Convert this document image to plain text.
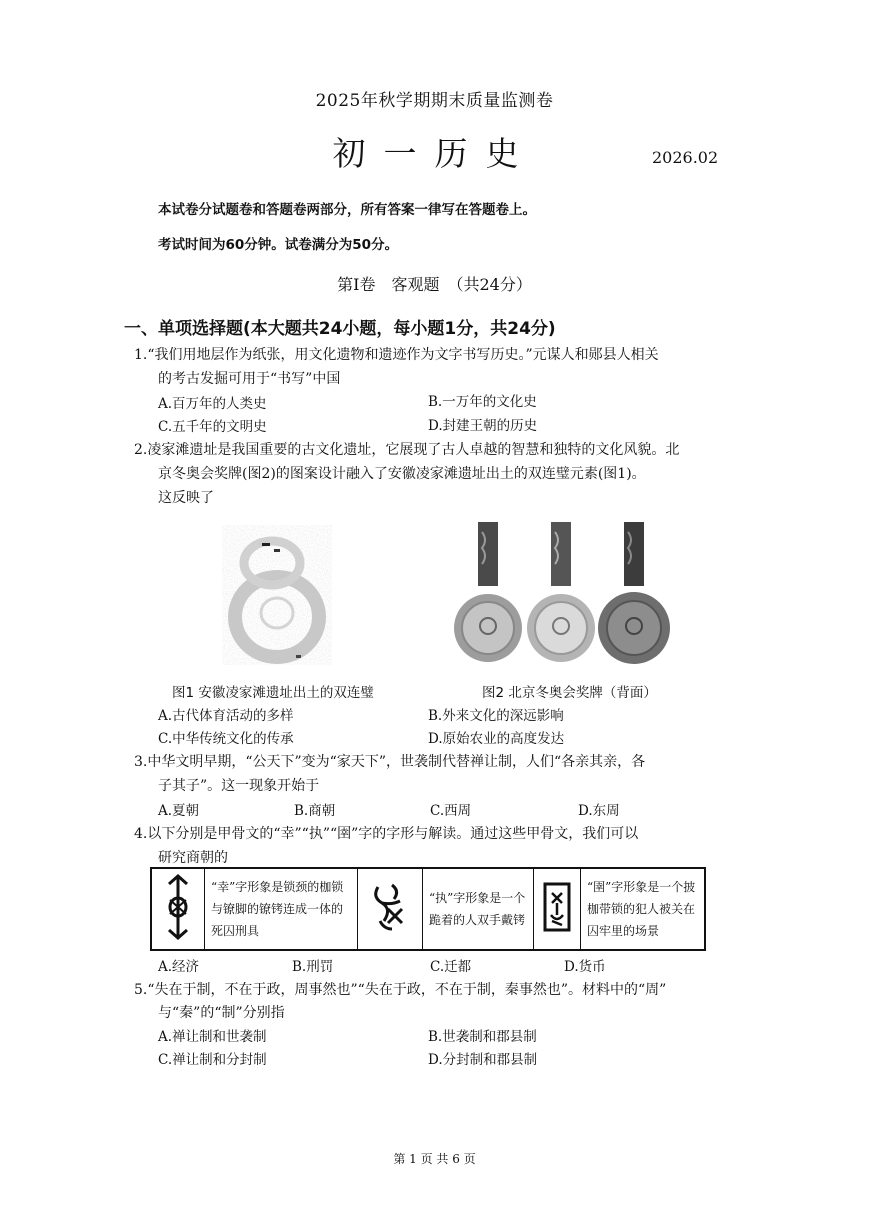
2025年秋学期期末质量监测卷
初一历史	2026.02
本试卷分试题卷和答题卷两部分，所有答案一律写在答题卷上。
考试时间为60分钟。试卷满分为50分。
第Ⅰ卷　客观题　（共24分）
一、单项选择题(本大题共24小题，每小题1分，共24分)
1.“我们用地层作为纸张，用文化遗物和遗迹作为文字书写历史。”元谋人和郧县人相关
的考古发掘可用于“书写”中国
A.百万年的人类史	B.一万年的文化史
C.五千年的文明史	D.封建王朝的历史
2.凌家滩遗址是我国重要的古文化遗址，它展现了古人卓越的智慧和独特的文化风貌。北
京冬奥会奖牌(图2)的图案设计融入了安徽凌家滩遗址出土的双连璧元素(图1)。
这反映了
图1 安徽凌家滩遗址出土的双连璧	图2 北京冬奥会奖牌（背面）
A.古代体育活动的多样	B.外来文化的深远影响
C.中华传统文化的传承	D.原始农业的高度发达
3.中华文明早期，“公天下”变为“家天下”，世袭制代替禅让制，人们“各亲其亲，各
子其子”。这一现象开始于
A.夏朝	B.商朝	C.西周	D.东周
4.以下分别是甲骨文的“幸”“执”“圉”字的字形与解读。通过这些甲骨文，我们可以
研究商朝的
	“幸”字形象是锁颈的枷锁与镣脚的镣铐连成一体的死囚刑具		“执”字形象是一个跪着的人双手戴铐		“圉”字形象是一个披枷带锁的犯人被关在囚牢里的场景
A.经济	B.刑罚	C.迁都	D.货币
5.“失在于制，不在于政，周事然也”“失在于政，不在于制，秦事然也”。材料中的“周”
与“秦”的“制”分别指
A.禅让制和世袭制	B.世袭制和郡县制
C.禅让制和分封制	D.分封制和郡县制
第 1 页 共 6 页
